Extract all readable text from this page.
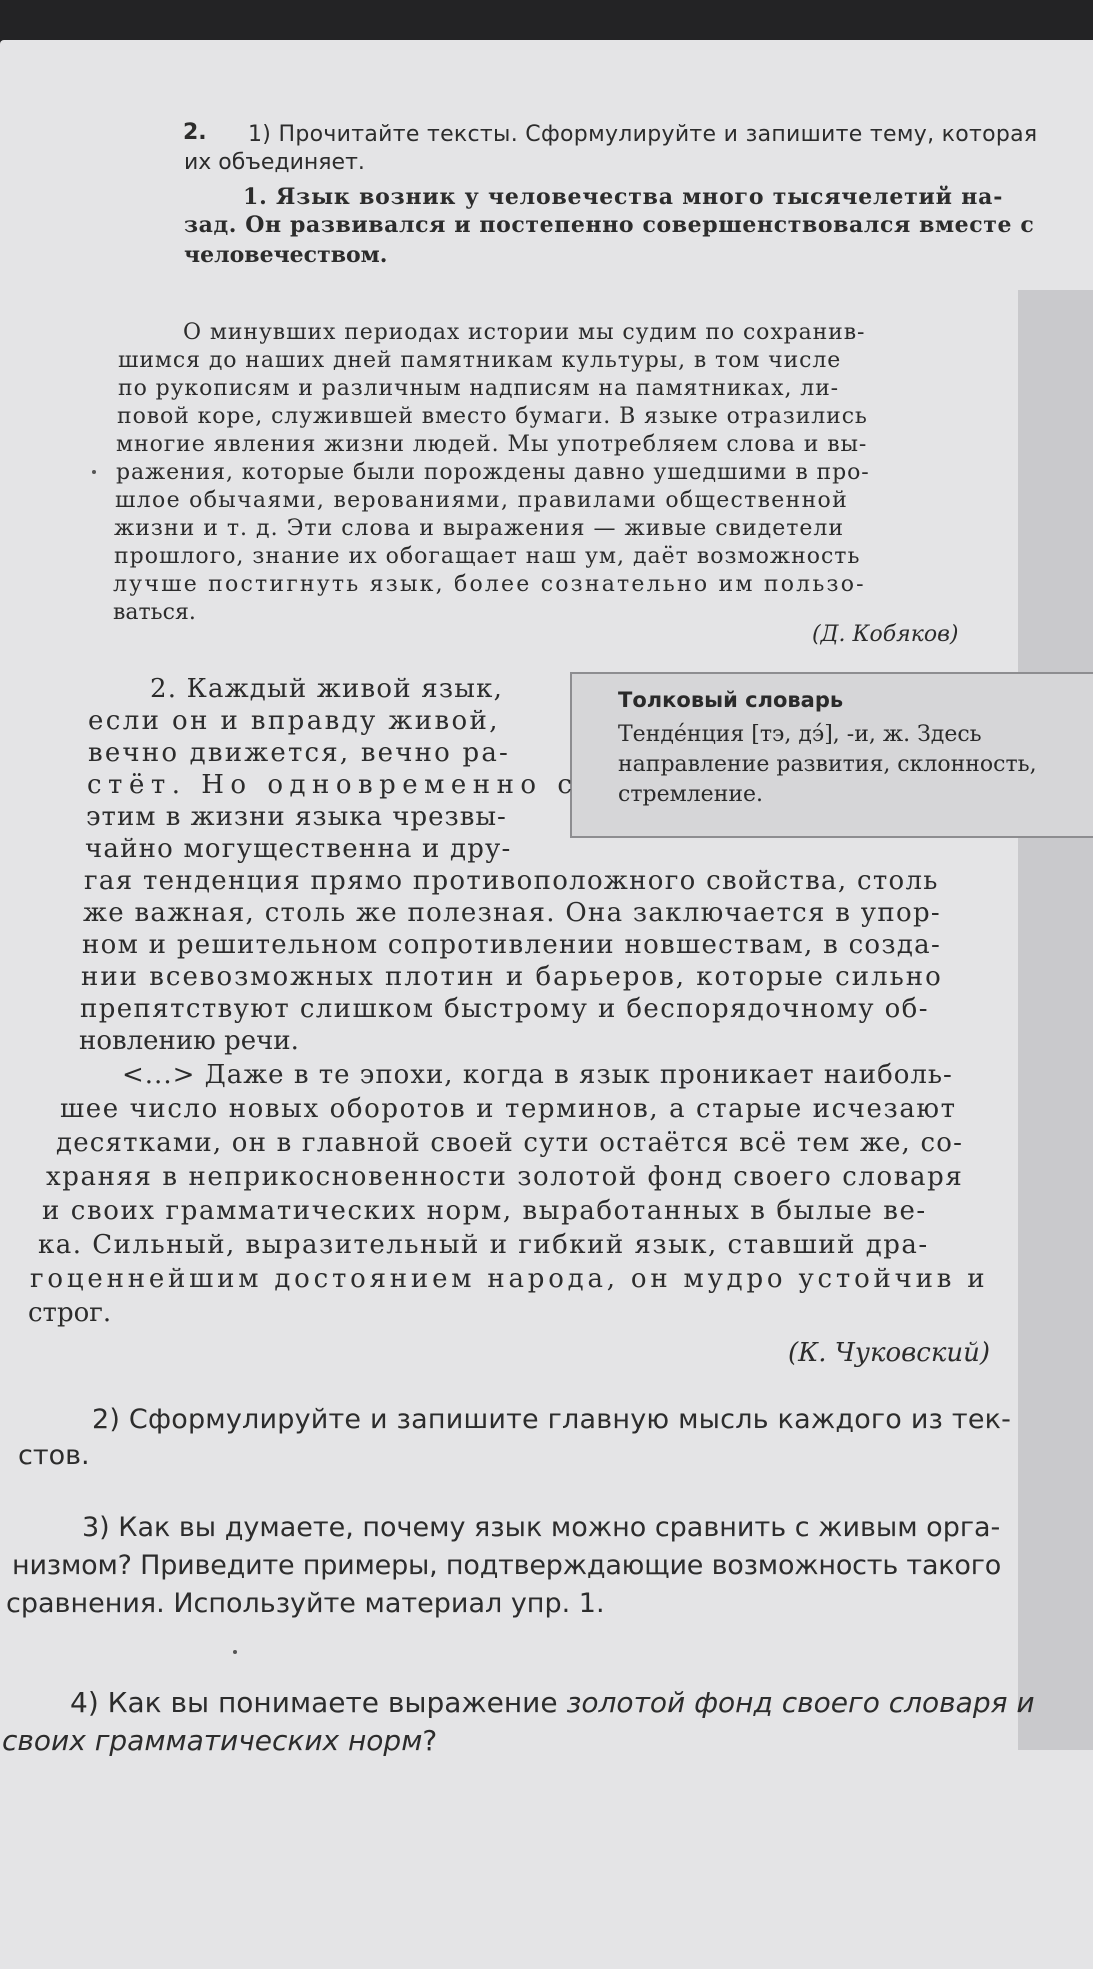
2. 1) Прочитайте тексты. Сформулируйте и запишите тему, которая
их объединяет.
1. Язык возник у человечества много тысячелетий на-
зад. Он развивался и постепенно совершенствовался вместе с
человечеством.
О минувших периодах истории мы судим по сохранив-
шимся до наших дней памятникам культуры, в том числе
по рукописям и различным надписям на памятниках, ли-
повой коре, служившей вместо бумаги. В языке отразились
многие явления жизни людей. Мы употребляем слова и вы-
ражения, которые были порождены давно ушедшими в про-
шлое обычаями, верованиями, правилами общественной
жизни и т. д. Эти слова и выражения — живые свидетели
прошлого, знание их обогащает наш ум, даёт возможность
лучше постигнуть язык, более сознательно им пользо-
ваться.
(Д. Кобяков)
Толковый словарь
Тенде́нция [тэ, дэ́], -и, ж. Здесь
направление развития, склонность,
стремление.
2. Каждый живой язык,
если он и вправду живой,
вечно движется, вечно ра-
стёт. Но одновременно с
этим в жизни языка чрезвы-
чайно могущественна и дру-
гая тенденция прямо противоположного свойства, столь
же важная, столь же полезная. Она заключается в упор-
ном и решительном сопротивлении новшествам, в созда-
нии всевозможных плотин и барьеров, которые сильно
препятствуют слишком быстрому и беспорядочному об-
новлению речи.
<...> Даже в те эпохи, когда в язык проникает наиболь-
шее число новых оборотов и терминов, а старые исчезают
десятками, он в главной своей сути остаётся всё тем же, со-
храняя в неприкосновенности золотой фонд своего словаря
и своих грамматических норм, выработанных в былые ве-
ка. Сильный, выразительный и гибкий язык, ставший дра-
гоценнейшим достоянием народа, он мудро устойчив и
строг.
(К. Чуковский)
2) Сформулируйте и запишите главную мысль каждого из тек-
стов.
3) Как вы думаете, почему язык можно сравнить с живым орга-
низмом? Приведите примеры, подтверждающие возможность такого
сравнения. Используйте материал упр. 1.
4) Как вы понимаете выражение золотой фонд своего словаря и
своих грамматических норм?
